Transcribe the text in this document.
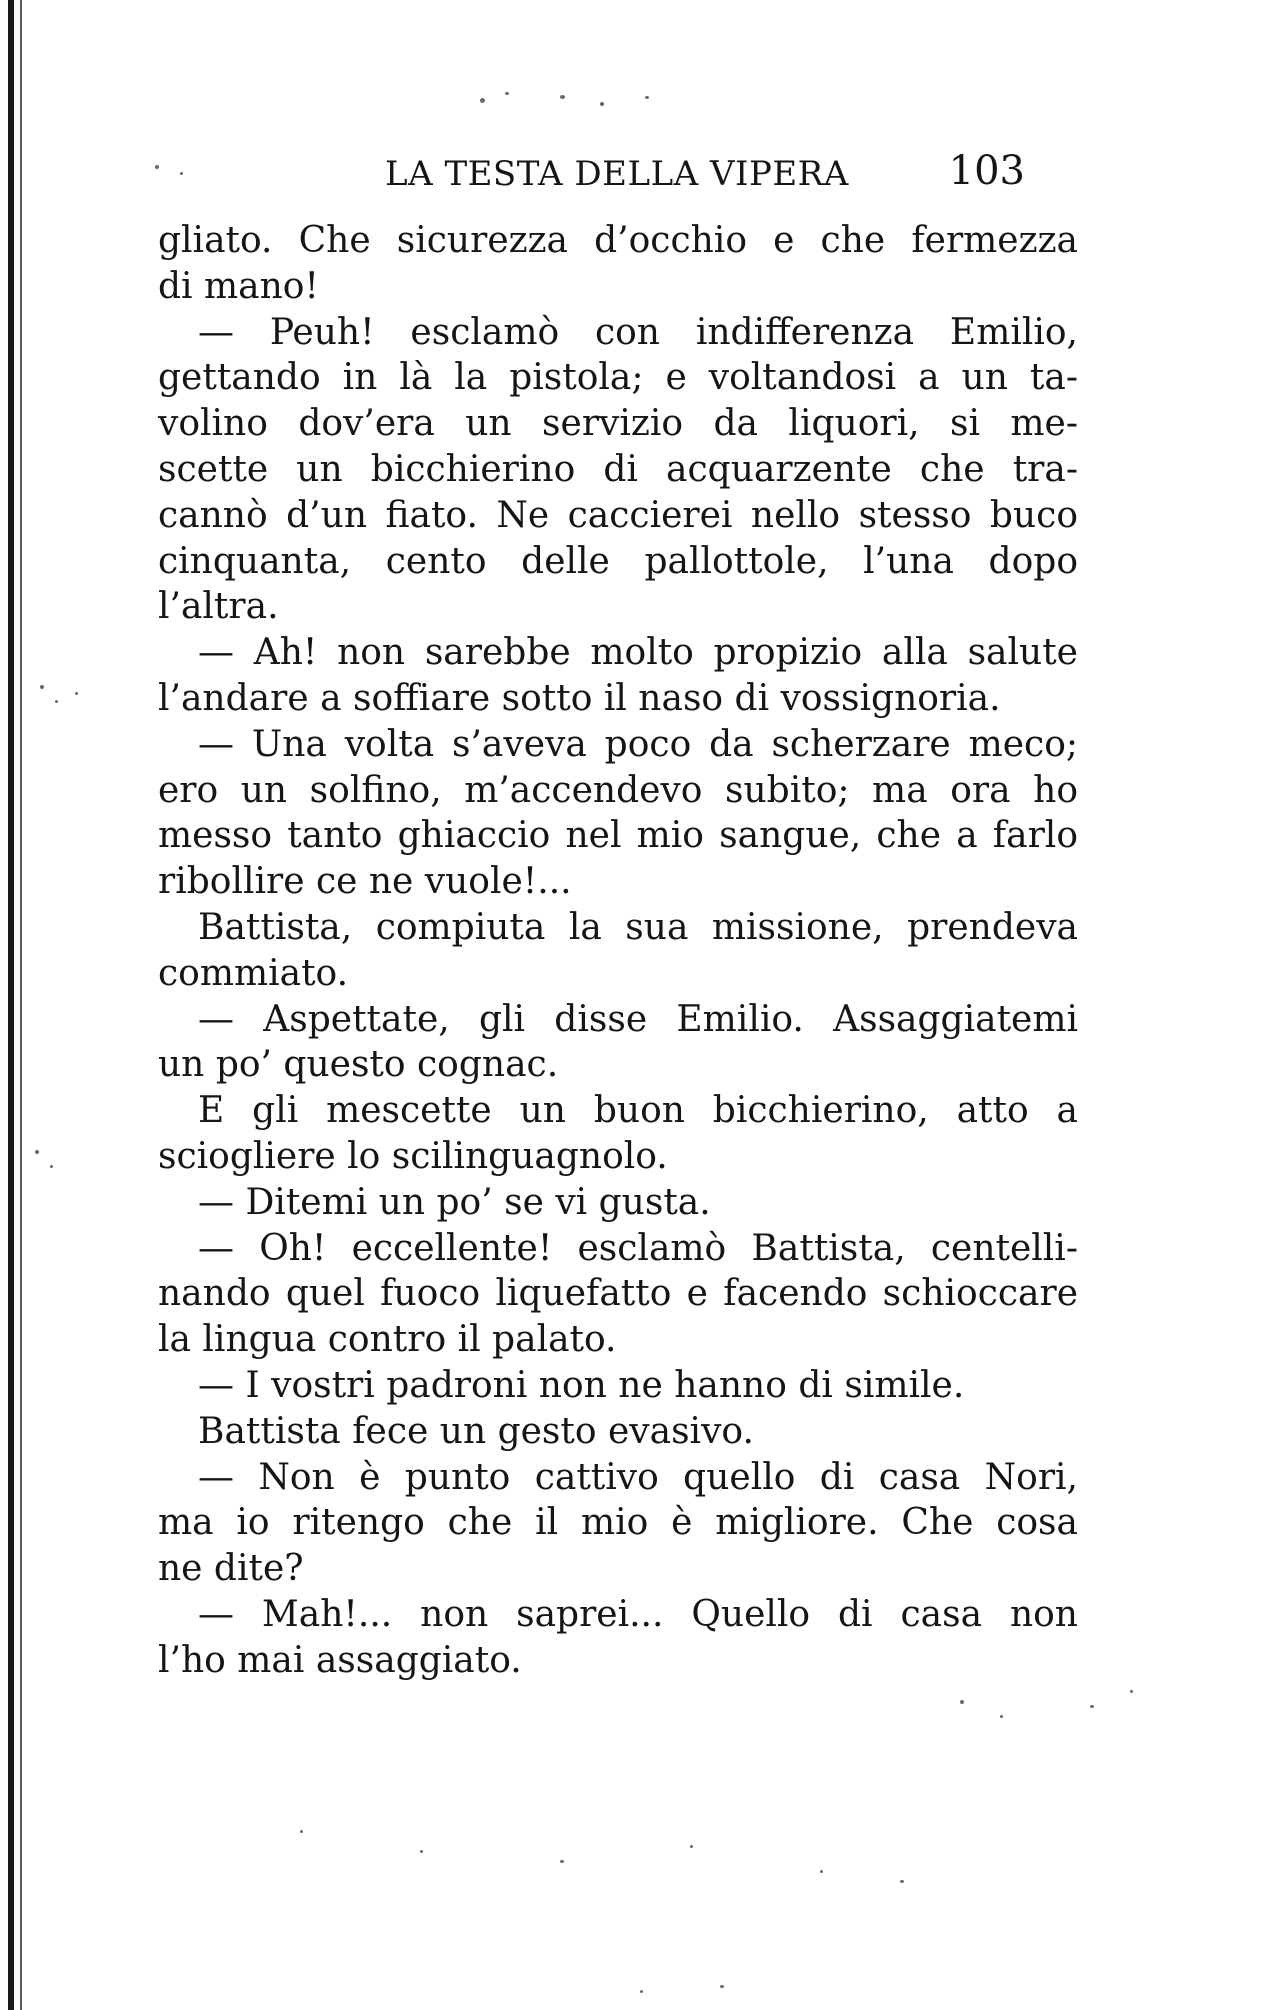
LA TESTA DELLA VIPERA 103
gliato. Che sicurezza d’occhio e che fermezza
di mano!
— Peuh! esclamò con indifferenza Emilio,
gettando in là la pistola; e voltandosi a un ta-
volino dov’era un servizio da liquori, si me-
scette un bicchierino di acquarzente che tra-
cannò d’un fiato. Ne caccierei nello stesso buco
cinquanta, cento delle pallottole, l’una dopo
l’altra.
— Ah! non sarebbe molto propizio alla salute
l’andare a soffiare sotto il naso di vossignoria.
— Una volta s’aveva poco da scherzare meco;
ero un solfino, m’accendevo subito; ma ora ho
messo tanto ghiaccio nel mio sangue, che a farlo
ribollire ce ne vuole!...
Battista, compiuta la sua missione, prendeva
commiato.
— Aspettate, gli disse Emilio. Assaggiatemi
un po’ questo cognac.
E gli mescette un buon bicchierino, atto a
sciogliere lo scilinguagnolo.
— Ditemi un po’ se vi gusta.
— Oh! eccellente! esclamò Battista, centelli-
nando quel fuoco liquefatto e facendo schioccare
la lingua contro il palato.
— I vostri padroni non ne hanno di simile.
Battista fece un gesto evasivo.
— Non è punto cattivo quello di casa Nori,
ma io ritengo che il mio è migliore. Che cosa
ne dite?
— Mah!... non saprei... Quello di casa non
l’ho mai assaggiato.
